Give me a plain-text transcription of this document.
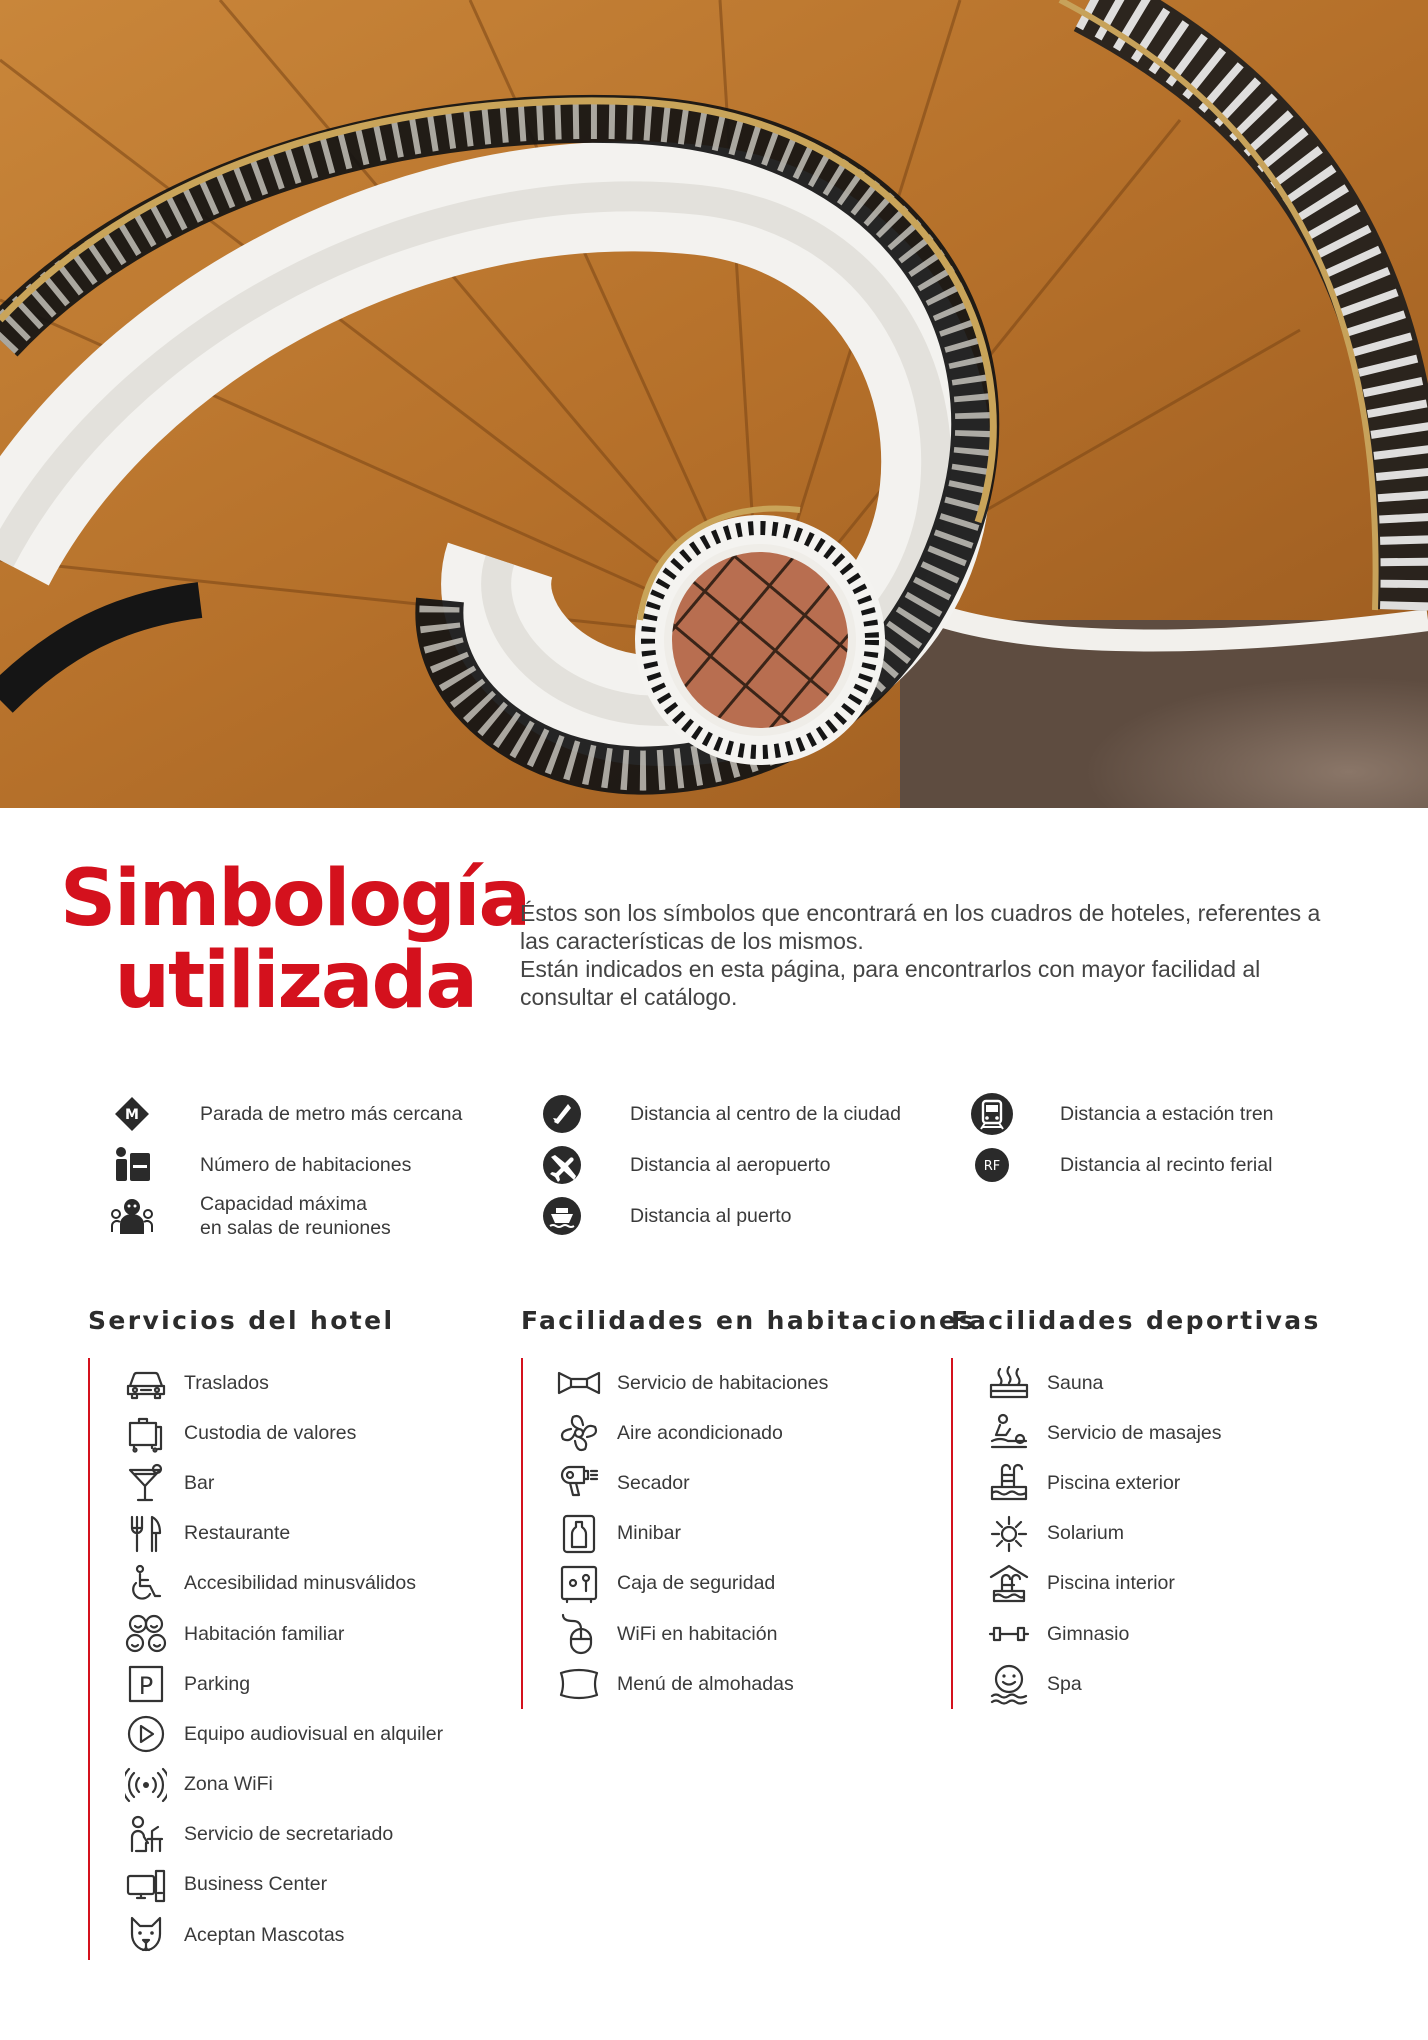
Simbología
utilizada

Éstos son los símbolos que encontrará en los cuadros de hoteles, referentes a las características de los mismos.

Están indicados en esta página, para encontrarlos con mayor facilidad al consultar el catálogo.

M	Parada de metro más cercana
Número de habitaciones
Capacidad máxima
en salas de reuniones
Distancia al centro de la ciudad
Distancia al aeropuerto
Distancia al puerto
Distancia a estación tren
RF	Distancia al recinto ferial
Servicios del hotel
Traslados
Custodia de valores
Bar
Restaurante
Accesibilidad minusválidos
Habitación familiar
P Parking
Equipo audiovisual en alquiler
Zona WiFi
Servicio de secretariado
Business Center
Aceptan Mascotas
Facilidades en habitaciones
Servicio de habitaciones
Aire acondicionado
Secador
Minibar
Caja de seguridad
WiFi en habitación
Menú de almohadas
Facilidades deportivas
Sauna
Servicio de masajes
Piscina exterior
Solarium
Piscina interior
Gimnasio
Spa
